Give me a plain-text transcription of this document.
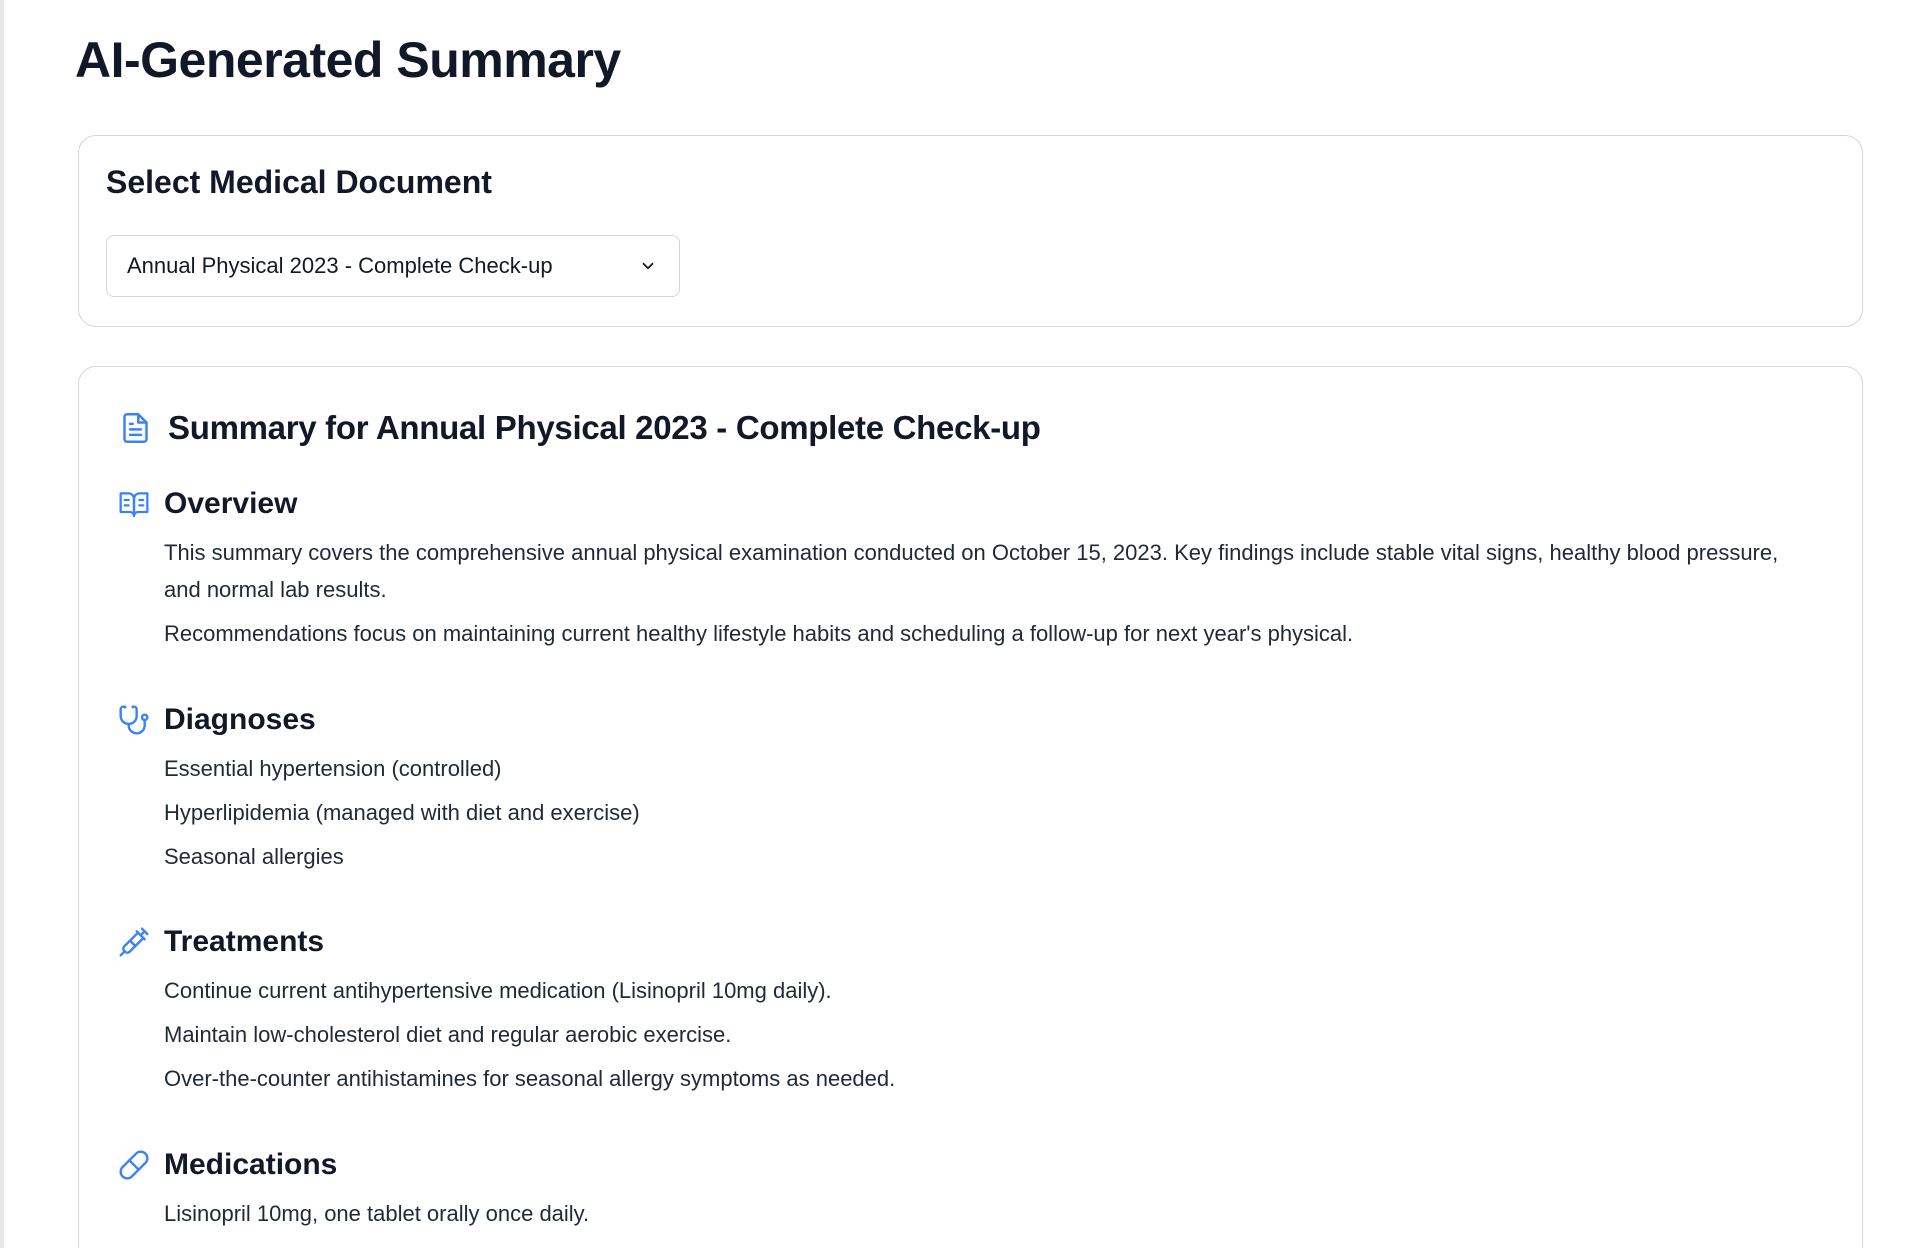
AI-Generated Summary
Select Medical Document
Annual Physical 2023 - Complete Check-up
Summary for Annual Physical 2023 - Complete Check-up
Overview

This summary covers the comprehensive annual physical examination conducted on October 15, 2023. Key findings include stable vital signs, healthy blood pressure, and normal lab results.

Recommendations focus on maintaining current healthy lifestyle habits and scheduling a follow-up for next year's physical.

Diagnoses

Essential hypertension (controlled)

Hyperlipidemia (managed with diet and exercise)

Seasonal allergies

Treatments

Continue current antihypertensive medication (Lisinopril 10mg daily).

Maintain low-cholesterol diet and regular aerobic exercise.

Over-the-counter antihistamines for seasonal allergy symptoms as needed.

Medications

Lisinopril 10mg, one tablet orally once daily.
